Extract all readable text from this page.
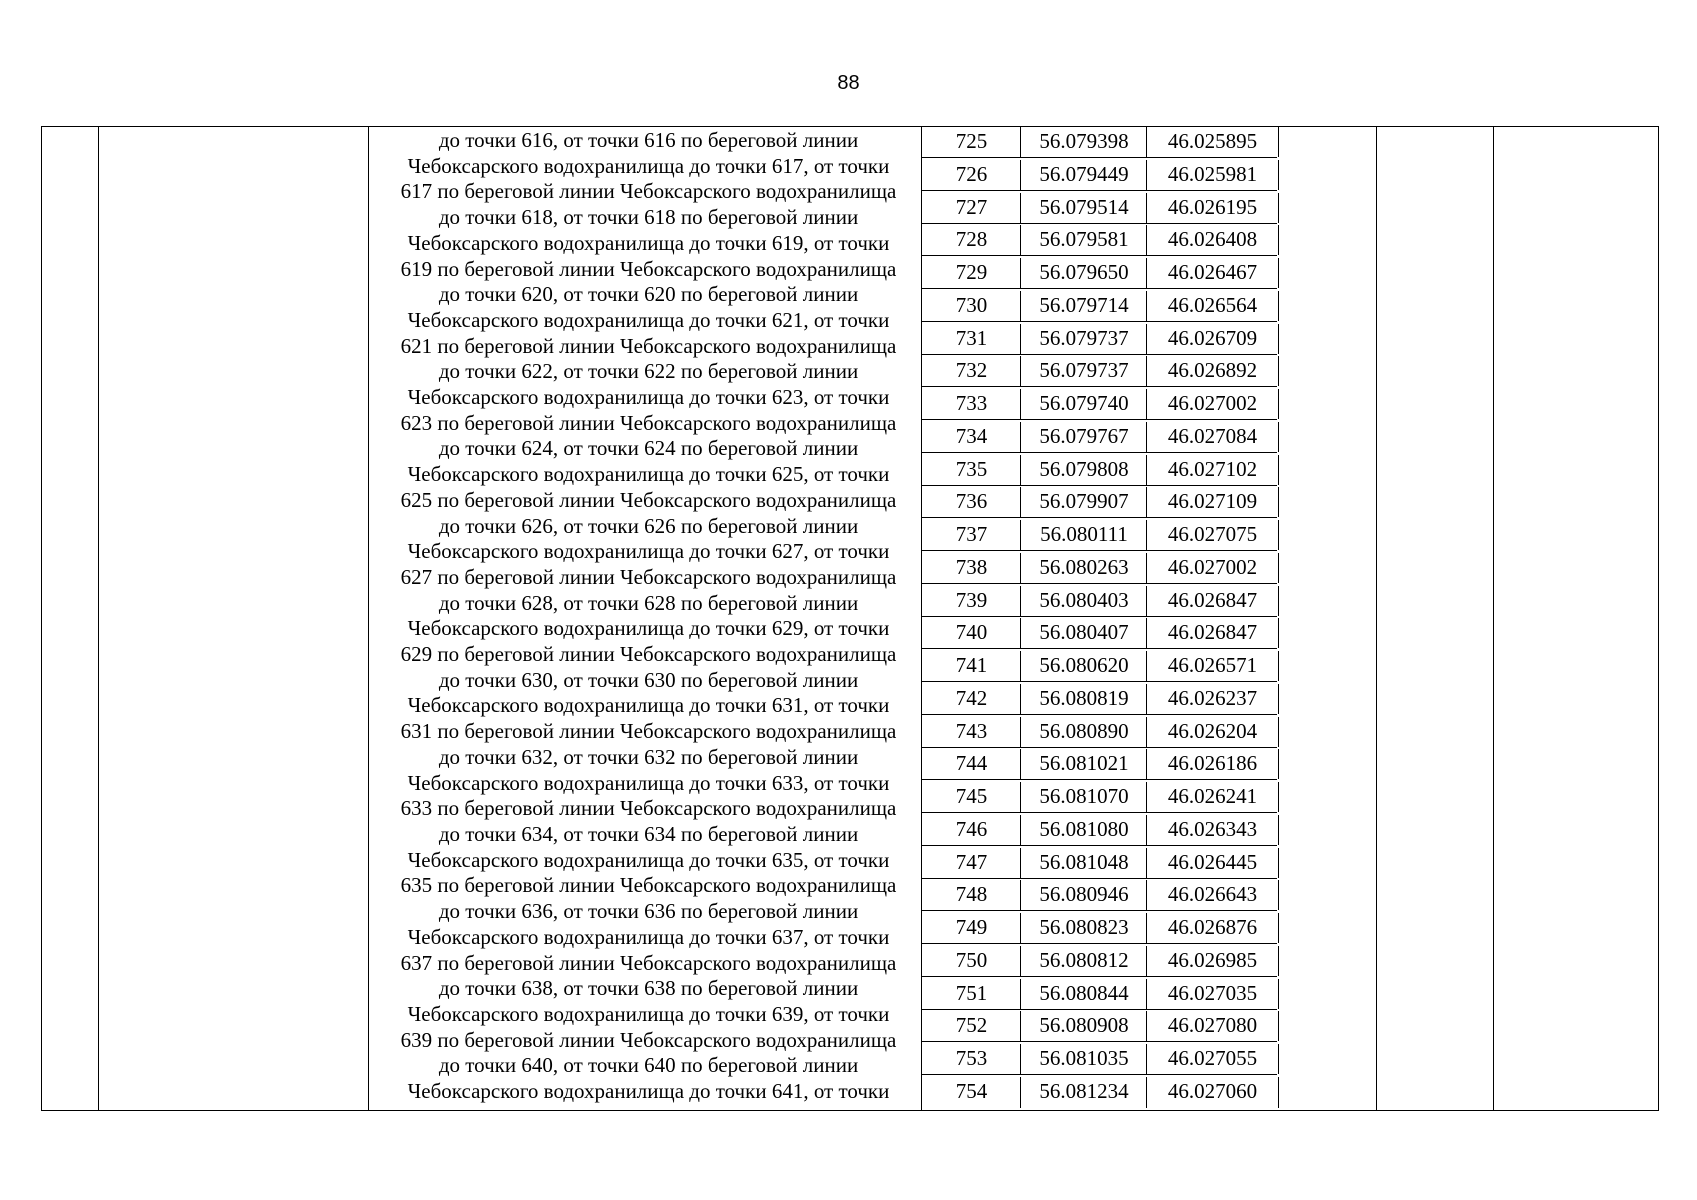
88
до точки 616, от точки 616 по береговой линии
Чебоксарского водохранилища до точки 617, от точки
617 по береговой линии Чебоксарского водохранилища
до точки 618, от точки 618 по береговой линии
Чебоксарского водохранилища до точки 619, от точки
619 по береговой линии Чебоксарского водохранилища
до точки 620, от точки 620 по береговой линии
Чебоксарского водохранилища до точки 621, от точки
621 по береговой линии Чебоксарского водохранилища
до точки 622, от точки 622 по береговой линии
Чебоксарского водохранилища до точки 623, от точки
623 по береговой линии Чебоксарского водохранилища
до точки 624, от точки 624 по береговой линии
Чебоксарского водохранилища до точки 625, от точки
625 по береговой линии Чебоксарского водохранилища
до точки 626, от точки 626 по береговой линии
Чебоксарского водохранилища до точки 627, от точки
627 по береговой линии Чебоксарского водохранилища
до точки 628, от точки 628 по береговой линии
Чебоксарского водохранилища до точки 629, от точки
629 по береговой линии Чебоксарского водохранилища
до точки 630, от точки 630 по береговой линии
Чебоксарского водохранилища до точки 631, от точки
631 по береговой линии Чебоксарского водохранилища
до точки 632, от точки 632 по береговой линии
Чебоксарского водохранилища до точки 633, от точки
633 по береговой линии Чебоксарского водохранилища
до точки 634, от точки 634 по береговой линии
Чебоксарского водохранилища до точки 635, от точки
635 по береговой линии Чебоксарского водохранилища
до точки 636, от точки 636 по береговой линии
Чебоксарского водохранилища до точки 637, от точки
637 по береговой линии Чебоксарского водохранилища
до точки 638, от точки 638 по береговой линии
Чебоксарского водохранилища до точки 639, от точки
639 по береговой линии Чебоксарского водохранилища
до точки 640, от точки 640 по береговой линии
Чебоксарского водохранилища до точки 641, от точки
725	56.079398	46.025895
726	56.079449	46.025981
727	56.079514	46.026195
728	56.079581	46.026408
729	56.079650	46.026467
730	56.079714	46.026564
731	56.079737	46.026709
732	56.079737	46.026892
733	56.079740	46.027002
734	56.079767	46.027084
735	56.079808	46.027102
736	56.079907	46.027109
737	56.080111	46.027075
738	56.080263	46.027002
739	56.080403	46.026847
740	56.080407	46.026847
741	56.080620	46.026571
742	56.080819	46.026237
743	56.080890	46.026204
744	56.081021	46.026186
745	56.081070	46.026241
746	56.081080	46.026343
747	56.081048	46.026445
748	56.080946	46.026643
749	56.080823	46.026876
750	56.080812	46.026985
751	56.080844	46.027035
752	56.080908	46.027080
753	56.081035	46.027055
754	56.081234	46.027060
